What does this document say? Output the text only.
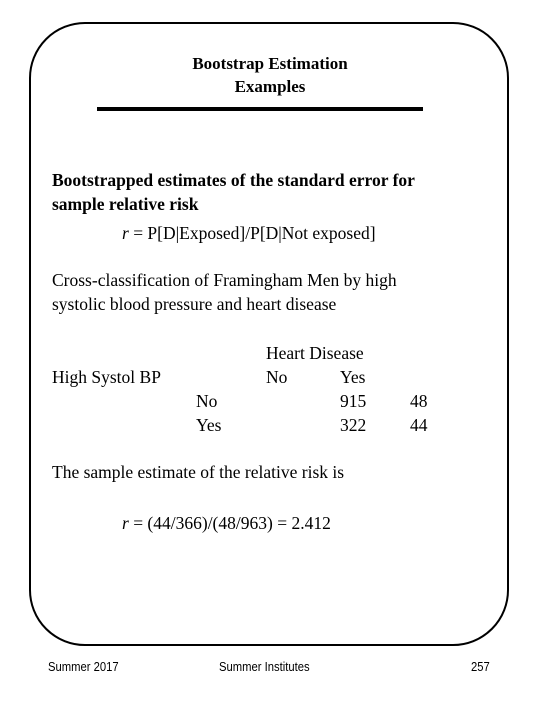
Bootstrap Estimation
Examples
Bootstrapped estimates of the standard error for
sample relative risk
r = P[D|Exposed]/P[D|Not exposed]
Cross-classification of Framingham Men by high
systolic blood pressure and heart disease
Heart Disease
High Systol BP	No	Yes
No	915	48
Yes	322	44
The sample estimate of the relative risk is
r = (44/366)/(48/963) = 2.412
Summer 2017	Summer Institutes	257
